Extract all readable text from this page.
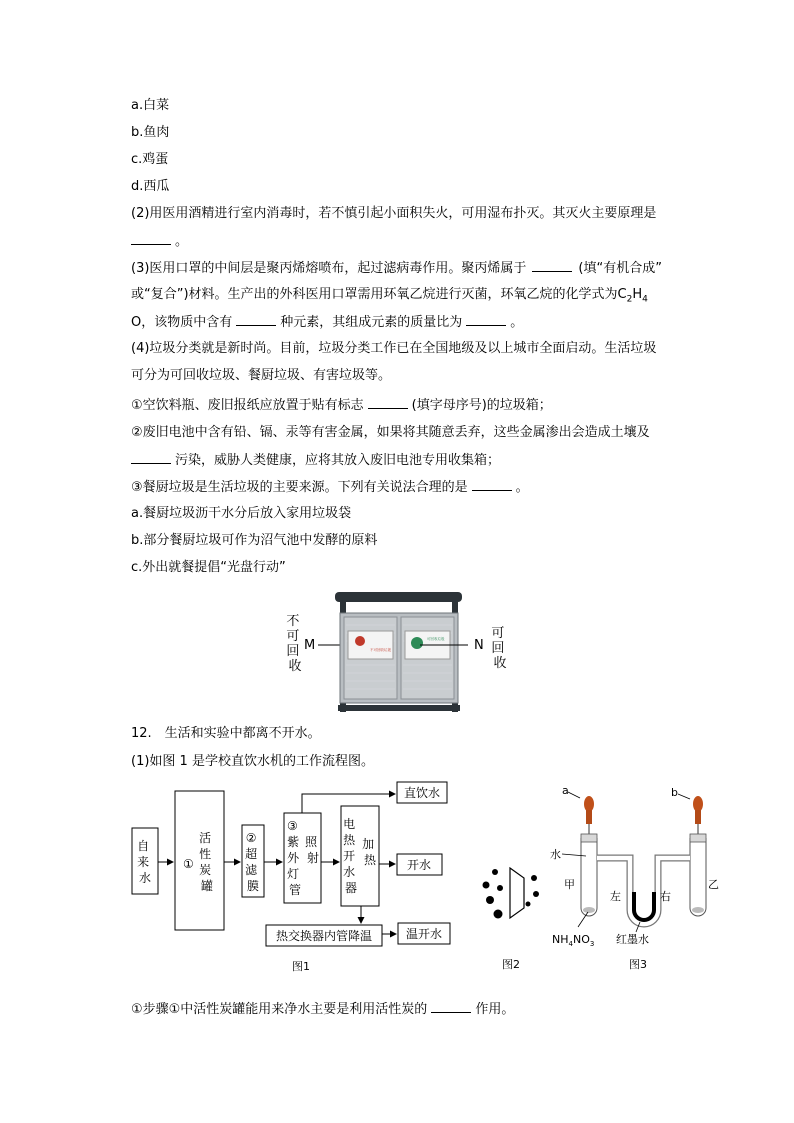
a.白菜
b.鱼肉
c.鸡蛋
d.西瓜
(2)用医用酒精进行室内消毒时，若不慎引起小面积失火，可用湿布扑灭。其灭火主要原理是
。
(3)医用口罩的中间层是聚丙烯熔喷布，起过滤病毒作用。聚丙烯属于	(填“有机合成”
或“复合”)材料。生产出的外科医用口罩需用环氧乙烷进行灭菌，环氧乙烷的化学式为$C_2H_4$
O，该物质中含有	种元素，其组成元素的质量比为	。
(4)垃圾分类就是新时尚。目前，垃圾分类工作已在全国地级及以上城市全面启动。生活垃圾
可分为可回收垃圾、餐厨垃圾、有害垃圾等。
①空饮料瓶、废旧报纸应放置于贴有标志	(填字母序号)的垃圾箱；
②废旧电池中含有铅、镉、汞等有害金属，如果将其随意丢弃，这些金属渗出会造成土壤及
污染，威胁人类健康，应将其放入废旧电池专用收集箱；
③餐厨垃圾是生活垃圾的主要来源。下列有关说法合理的是	。
a.餐厨垃圾沥干水分后放入家用垃圾袋
b.部分餐厨垃圾可作为沼气池中发酵的原料
c.外出就餐提倡“光盘行动”
不 可 回 收
M	不可回收垃圾
可回收垃圾 N
可 回 收
12.　生活和实验中都离不开水。
(1)如图 1 是学校直饮水机的工作流程图。
自 来 水
①
活 性 炭 罐
② 超 滤 膜
③
紫 外 灯 管
照 射
电 热 开 水 器
加 热
直饮水
开水
热交换器内管降温	温开水
图1	图2
a	b
水
甲	乙
左	右
$NH_4NO_3$ 红墨水
图3
①步骤①中活性炭罐能用来净水主要是利用活性炭的	作用。
